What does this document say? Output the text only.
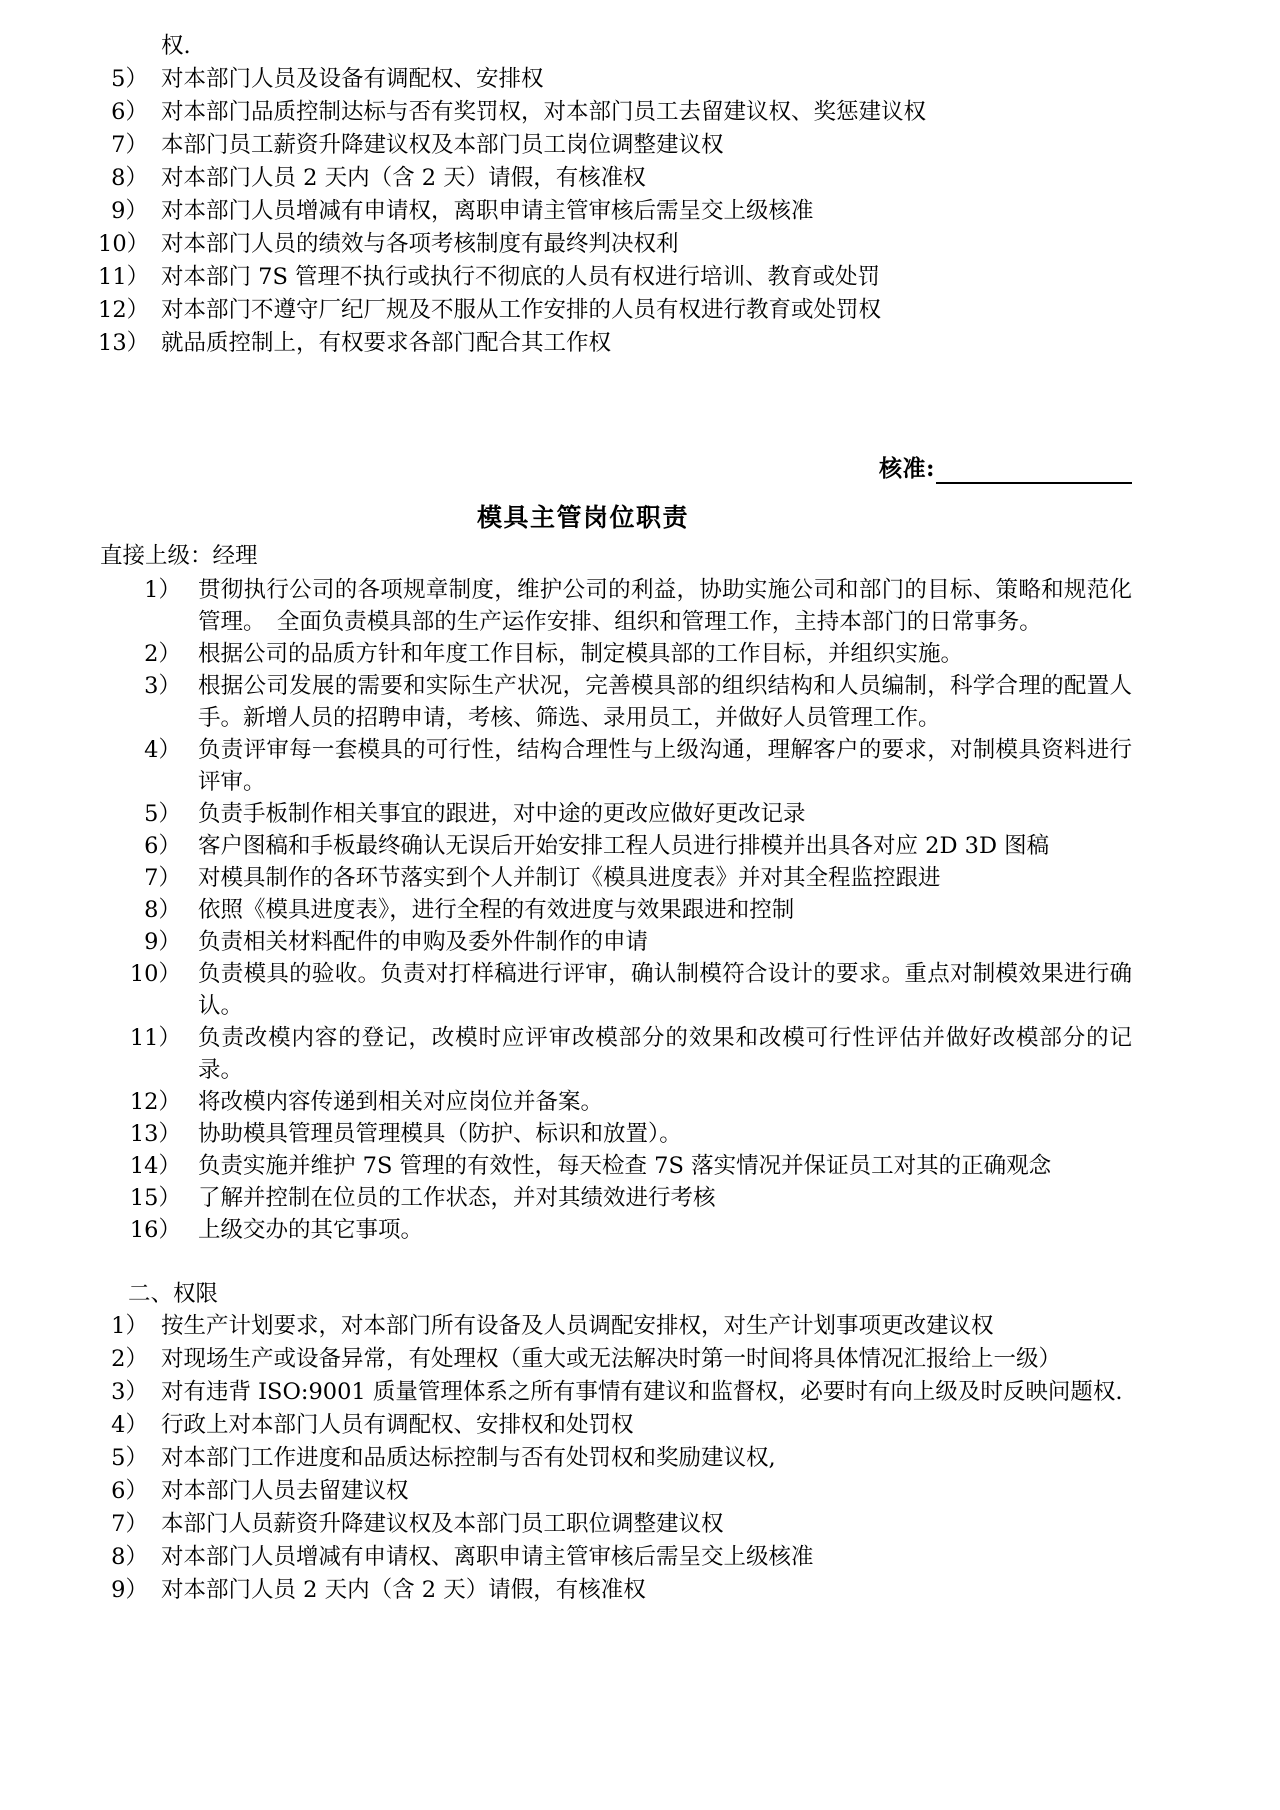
权.
5） 对本部门人员及设备有调配权、安排权
6） 对本部门品质控制达标与否有奖罚权，对本部门员工去留建议权、奖惩建议权
7） 本部门员工薪资升降建议权及本部门员工岗位调整建议权
8） 对本部门人员 2 天内（含 2 天）请假，有核准权
9） 对本部门人员增减有申请权，离职申请主管审核后需呈交上级核准
10） 对本部门人员的绩效与各项考核制度有最终判决权利
11） 对本部门 7S 管理不执行或执行不彻底的人员有权进行培训、教育或处罚
12） 对本部门不遵守厂纪厂规及不服从工作安排的人员有权进行教育或处罚权
13） 就品质控制上，有权要求各部门配合其工作权
核准:
模具主管岗位职责
直接上级：经理
1） 贯彻执行公司的各项规章制度，维护公司的利益，协助实施公司和部门的目标、策略和规范化管理。　全面负责模具部的生产运作安排、组织和管理工作，主持本部门的日常事务。
2） 根据公司的品质方针和年度工作目标，制定模具部的工作目标，并组织实施。
3） 根据公司发展的需要和实际生产状况，完善模具部的组织结构和人员编制，科学合理的配置人手。新增人员的招聘申请，考核、筛选、录用员工，并做好人员管理工作。
4） 负责评审每一套模具的可行性，结构合理性与上级沟通，理解客户的要求，对制模具资料进行评审。
5） 负责手板制作相关事宜的跟进，对中途的更改应做好更改记录
6） 客户图稿和手板最终确认无误后开始安排工程人员进行排模并出具各对应 2D 3D 图稿
7） 对模具制作的各环节落实到个人并制订《模具进度表》并对其全程监控跟进
8） 依照《模具进度表》，进行全程的有效进度与效果跟进和控制
9） 负责相关材料配件的申购及委外件制作的申请
10） 负责模具的验收。负责对打样稿进行评审，确认制模符合设计的要求。重点对制模效果进行确认。
11） 负责改模内容的登记，改模时应评审改模部分的效果和改模可行性评估并做好改模部分的记录。
12） 将改模内容传递到相关对应岗位并备案。
13） 协助模具管理员管理模具（防护、标识和放置）。
14） 负责实施并维护 7S 管理的有效性，每天检查 7S 落实情况并保证员工对其的正确观念
15） 了解并控制在位员的工作状态，并对其绩效进行考核
16） 上级交办的其它事项。
二、权限
1） 按生产计划要求，对本部门所有设备及人员调配安排权，对生产计划事项更改建议权
2） 对现场生产或设备异常，有处理权（重大或无法解决时第一时间将具体情况汇报给上一级）
3） 对有违背 ISO:9001 质量管理体系之所有事情有建议和监督权，必要时有向上级及时反映问题权.
4） 行政上对本部门人员有调配权、安排权和处罚权
5） 对本部门工作进度和品质达标控制与否有处罚权和奖励建议权,
6） 对本部门人员去留建议权
7） 本部门人员薪资升降建议权及本部门员工职位调整建议权
8） 对本部门人员增减有申请权、离职申请主管审核后需呈交上级核准
9） 对本部门人员 2 天内（含 2 天）请假，有核准权
